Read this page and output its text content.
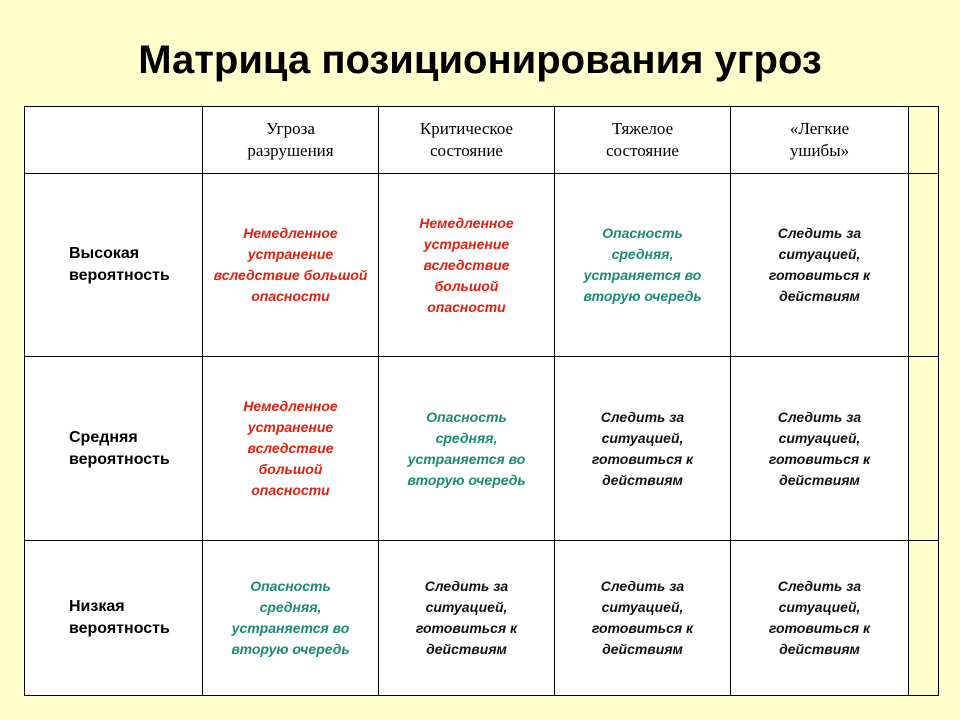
Матрица позиционирования угроз

	Угроза
разрушения	Критическое
состояние	Тяжелое
состояние	«Легкие
ушибы»	

Высокая
вероятность	Немедленное
устранение
вследствие большой
опасности	Немедленное
устранение
вследствие
большой
опасности	Опасность
средняя,
устраняется во
вторую очередь	Следить за
ситуацией,
готовиться к
действиям	

Средняя
вероятность	Немедленное
устранение
вследствие
большой
опасности	Опасность
средняя,
устраняется во
вторую очередь	Следить за
ситуацией,
готовиться к
действиям	Следить за
ситуацией,
готовиться к
действиям	

Низкая
вероятность	Опасность
средняя,
устраняется во
вторую очередь	Следить за
ситуацией,
готовиться к
действиям	Следить за
ситуацией,
готовиться к
действиям	Следить за
ситуацией,
готовиться к
действиям	
